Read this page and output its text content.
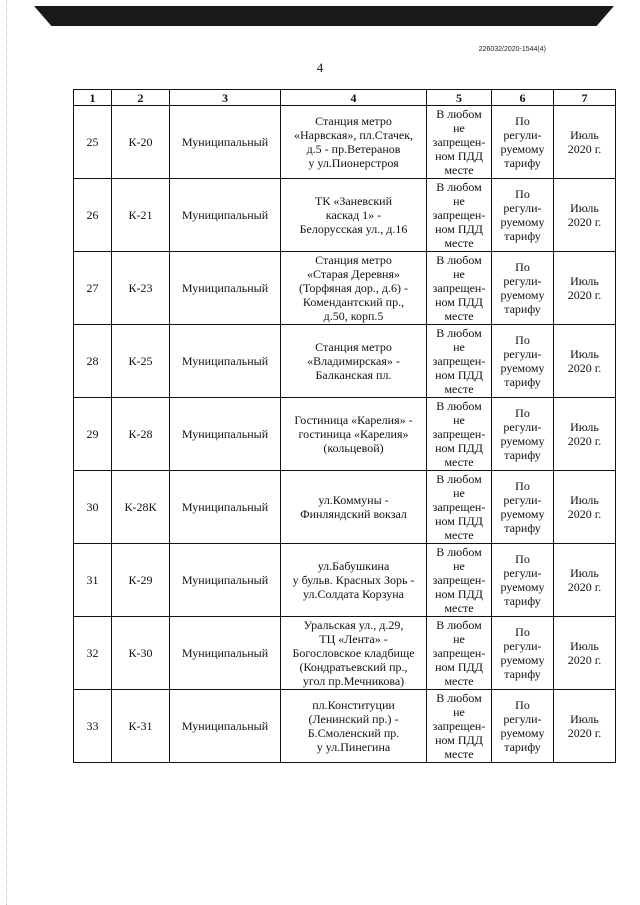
226032/2020-1544(4)
4
1	2	3	4	5	6	7

25	К-20	Муниципальный	Станция метро
«Нарвская», пл.Стачек,
д.5 - пр.Ветеранов
у ул.Пионерстроя	В любом
не
запрещен-
ном ПДД
месте	По
регули-
руемому
тарифу	Июль
2020 г.

26	К-21	Муниципальный	ТК «Заневский
каскад 1» -
Белорусская ул., д.16	В любом
не
запрещен-
ном ПДД
месте	По
регули-
руемому
тарифу	Июль
2020 г.

27	К-23	Муниципальный	Станция метро
«Старая Деревня»
(Торфяная дор., д.6) -
Комендантский пр.,
д.50, корп.5	В любом
не
запрещен-
ном ПДД
месте	По
регули-
руемому
тарифу	Июль
2020 г.

28	К-25	Муниципальный	Станция метро
«Владимирская» -
Балканская пл.	В любом
не
запрещен-
ном ПДД
месте	По
регули-
руемому
тарифу	Июль
2020 г.

29	К-28	Муниципальный	Гостиница «Карелия» -
гостиница «Карелия»
(кольцевой)	В любом
не
запрещен-
ном ПДД
месте	По
регули-
руемому
тарифу	Июль
2020 г.

30	К-28К	Муниципальный	ул.Коммуны -
Финляндский вокзал	В любом
не
запрещен-
ном ПДД
месте	По
регули-
руемому
тарифу	Июль
2020 г.

31	К-29	Муниципальный	ул.Бабушкина
у бульв. Красных Зорь -
ул.Солдата Корзуна	В любом
не
запрещен-
ном ПДД
месте	По
регули-
руемому
тарифу	Июль
2020 г.

32	К-30	Муниципальный	Уральская ул., д.29,
ТЦ «Лента» -
Богословское кладбище
(Кондратьевский пр.,
угол пр.Мечникова)	В любом
не
запрещен-
ном ПДД
месте	По
регули-
руемому
тарифу	Июль
2020 г.

33	К-31	Муниципальный	пл.Конституции
(Ленинский пр.) -
Б.Смоленский пр.
у ул.Пинегина	В любом
не
запрещен-
ном ПДД
месте	По
регули-
руемому
тарифу	Июль
2020 г.
